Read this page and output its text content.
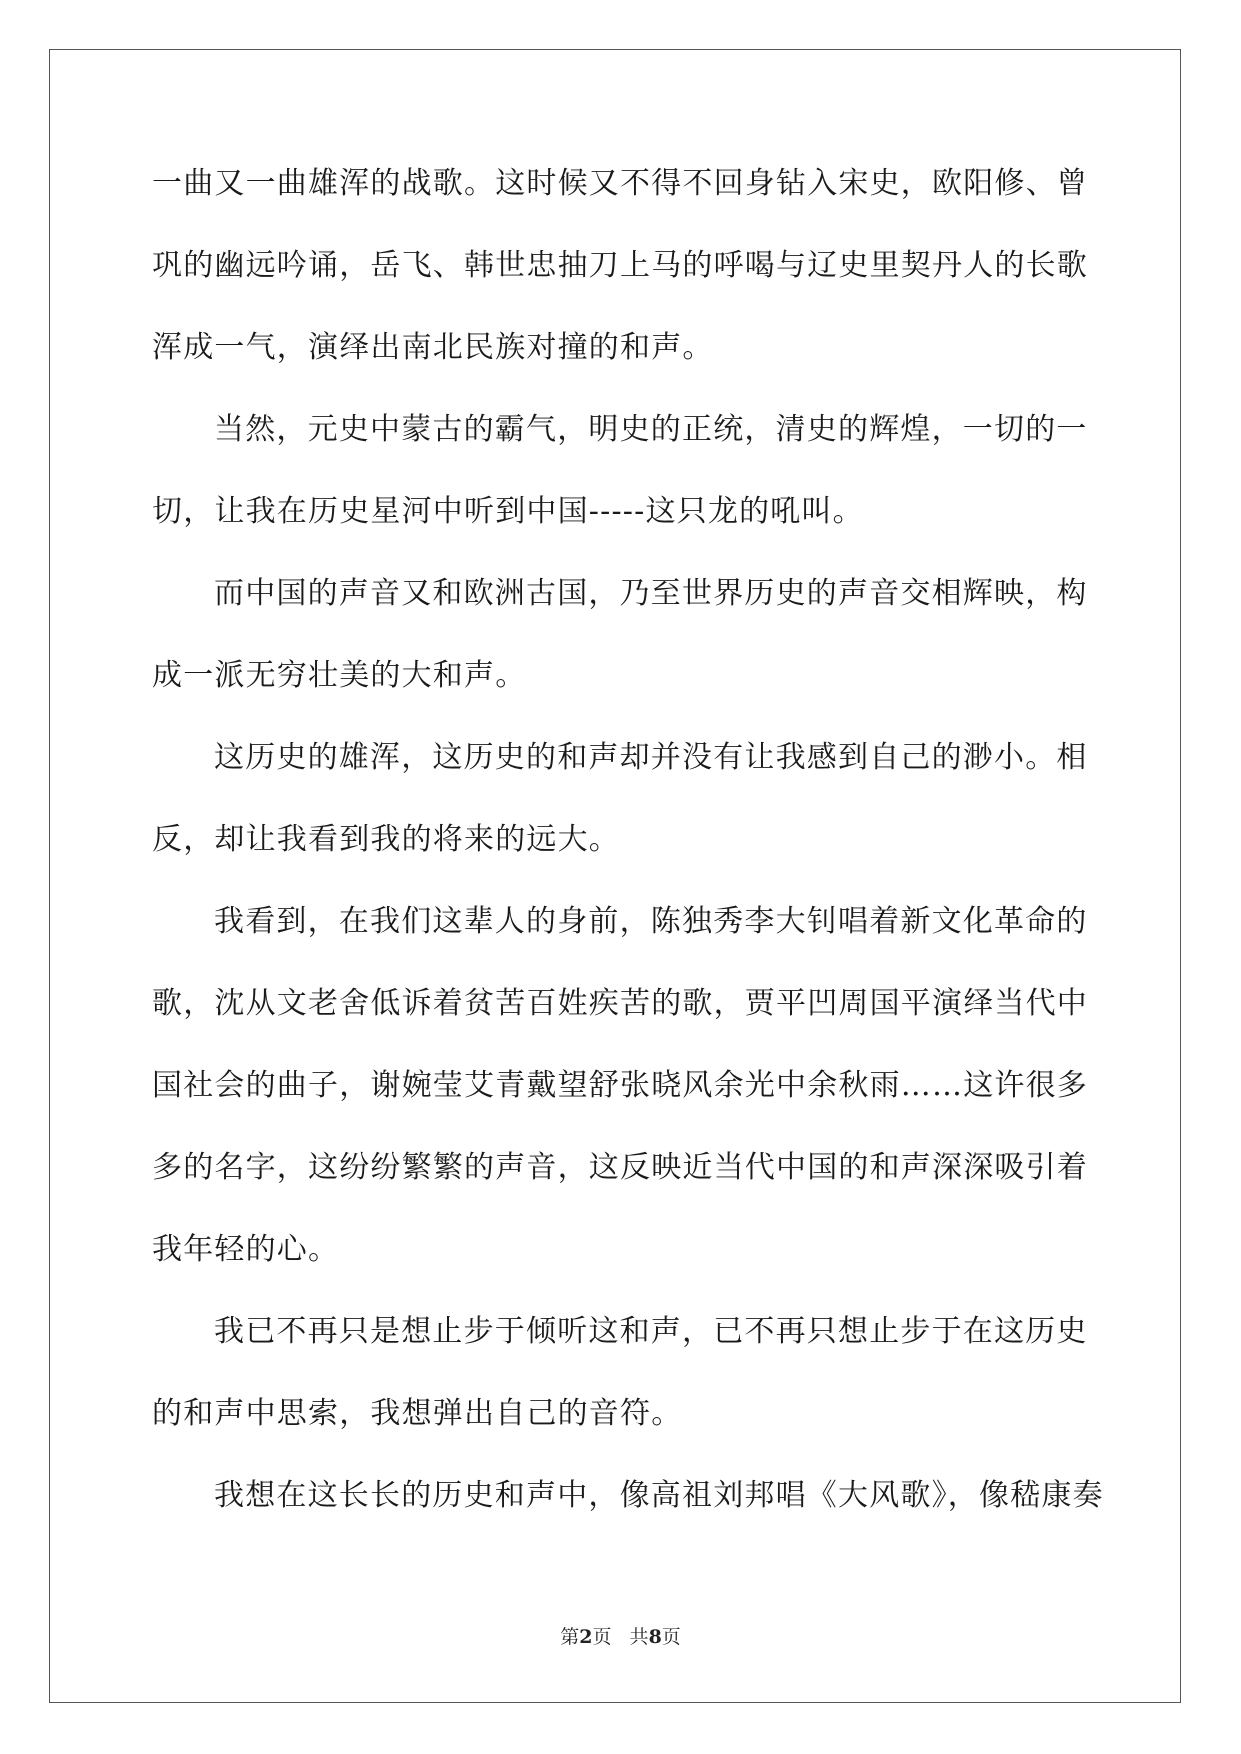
一曲又一曲雄浑的战歌。这时候又不得不回身钻入宋史，欧阳修、曾
巩的幽远吟诵，岳飞、韩世忠抽刀上马的呼喝与辽史里契丹人的长歌
浑成一气，演绎出南北民族对撞的和声。
当然，元史中蒙古的霸气，明史的正统，清史的辉煌，一切的一
切，让我在历史星河中听到中国-----这只龙的吼叫。
而中国的声音又和欧洲古国，乃至世界历史的声音交相辉映，构
成一派无穷壮美的大和声。
这历史的雄浑，这历史的和声却并没有让我感到自己的渺小。相
反，却让我看到我的将来的远大。
我看到，在我们这辈人的身前，陈独秀李大钊唱着新文化革命的
歌，沈从文老舍低诉着贫苦百姓疾苦的歌，贾平凹周国平演绎当代中
国社会的曲子，谢婉莹艾青戴望舒张晓风余光中余秋雨……这许很多
多的名字，这纷纷繁繁的声音，这反映近当代中国的和声深深吸引着
我年轻的心。
我已不再只是想止步于倾听这和声，已不再只想止步于在这历史
的和声中思索，我想弹出自己的音符。
我想在这长长的历史和声中，像高祖刘邦唱《大风歌》，像嵇康奏
第2页   共8页
